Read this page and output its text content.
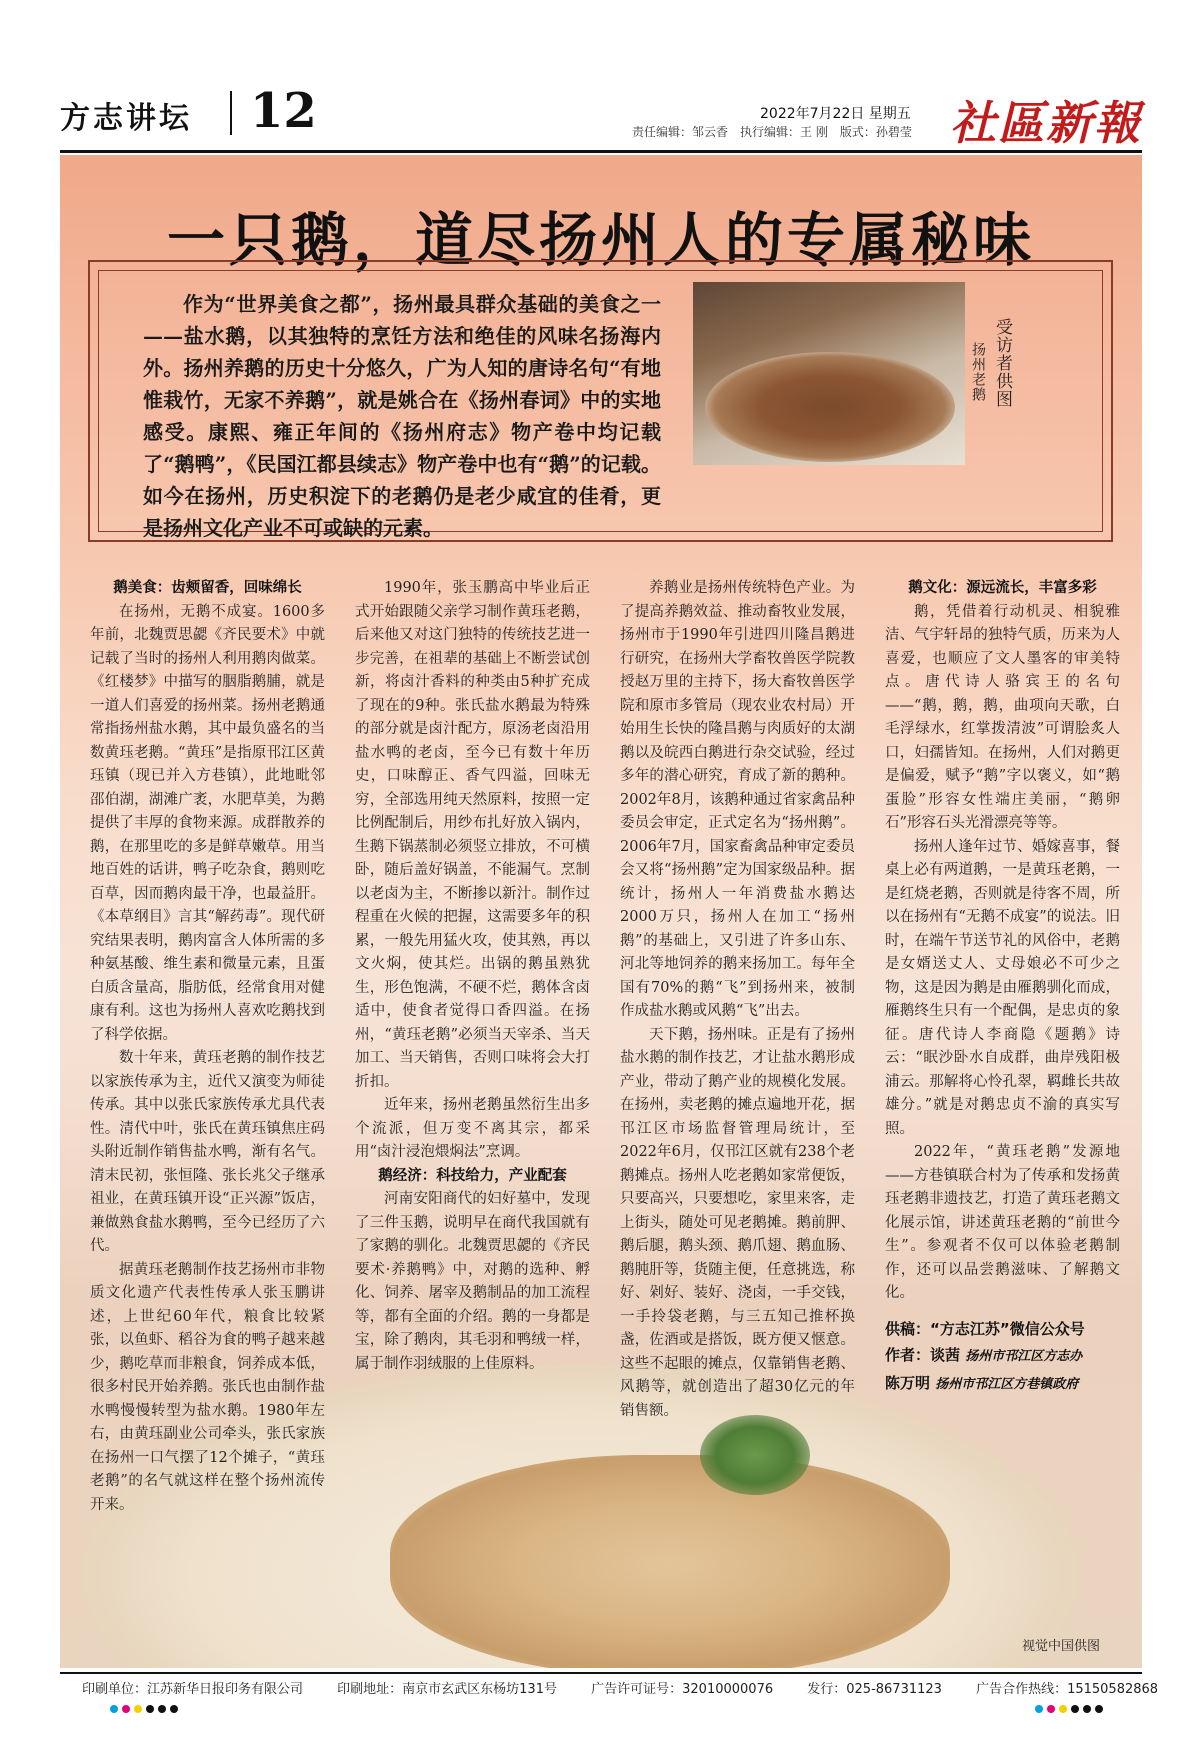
方志讲坛 12	2022年7月22日 星期五
责任编辑：邹云香　执行编辑：王 刚　版式：孙碧莹 社區新報
一只鹅，道尽扬州人的专属秘味
作为“世界美食之都”，扬州最具群众基础的美食之一——盐水鹅，以其独特的烹饪方法和绝佳的风味名扬海内外。扬州养鹅的历史十分悠久，广为人知的唐诗名句“有地惟栽竹，无家不养鹅”，就是姚合在《扬州春词》中的实地感受。康熙、雍正年间的《扬州府志》物产卷中均记载了“鹅鸭”，《民国江都县续志》物产卷中也有“鹅”的记载。如今在扬州，历史积淀下的老鹅仍是老少咸宜的佳肴，更是扬州文化产业不可或缺的元素。
受访者供图
扬州老鹅

鹅美食：齿颊留香，回味绵长

在扬州，无鹅不成宴。1600多年前，北魏贾思勰《齐民要术》中就记载了当时的扬州人利用鹅肉做菜。《红楼梦》中描写的胭脂鹅脯，就是一道人们喜爱的扬州菜。扬州老鹅通常指扬州盐水鹅，其中最负盛名的当数黄珏老鹅。“黄珏”是指原邗江区黄珏镇（现已并入方巷镇），此地毗邻邵伯湖，湖滩广袤，水肥草美，为鹅提供了丰厚的食物来源。成群散养的鹅，在那里吃的多是鲜草嫩草。用当地百姓的话讲，鸭子吃杂食，鹅则吃百草，因而鹅肉最干净，也最益肝。《本草纲目》言其“解药毒”。现代研究结果表明，鹅肉富含人体所需的多种氨基酸、维生素和微量元素，且蛋白质含量高，脂肪低，经常食用对健康有利。这也为扬州人喜欢吃鹅找到了科学依据。

数十年来，黄珏老鹅的制作技艺以家族传承为主，近代又演变为师徒传承。其中以张氏家族传承尤具代表性。清代中叶，张氏在黄珏镇焦庄码头附近制作销售盐水鸭，渐有名气。清末民初，张恒隆、张长兆父子继承祖业，在黄珏镇开设“正兴源”饭店，兼做熟食盐水鹅鸭，至今已经历了六代。

据黄珏老鹅制作技艺扬州市非物质文化遗产代表性传承人张玉鹏讲述，上世纪60年代，粮食比较紧张，以鱼虾、稻谷为食的鸭子越来越少，鹅吃草而非粮食，饲养成本低，很多村民开始养鹅。张氏也由制作盐水鸭慢慢转型为盐水鹅。1980年左右，由黄珏副业公司牵头，张氏家族在扬州一口气摆了12个摊子，“黄珏老鹅”的名气就这样在整个扬州流传开来。

1990年，张玉鹏高中毕业后正式开始跟随父亲学习制作黄珏老鹅，后来他又对这门独特的传统技艺进一步完善，在祖辈的基础上不断尝试创新，将卤汁香料的种类由5种扩充成了现在的9种。张氏盐水鹅最为特殊的部分就是卤汁配方，原汤老卤沿用盐水鸭的老卤，至今已有数十年历史，口味醇正、香气四溢，回味无穷，全部选用纯天然原料，按照一定比例配制后，用纱布扎好放入锅内，生鹅下锅蒸制必须竖立排放，不可横卧，随后盖好锅盖，不能漏气。烹制以老卤为主，不断掺以新汁。制作过程重在火候的把握，这需要多年的积累，一般先用猛火攻，使其熟，再以文火焖，使其烂。出锅的鹅虽熟犹生，形色饱满，不硬不烂，鹅体含卤适中，使食者觉得口香四溢。在扬州，“黄珏老鹅”必须当天宰杀、当天加工、当天销售，否则口味将会大打折扣。

近年来，扬州老鹅虽然衍生出多个流派，但万变不离其宗，都采用“卤汁浸泡煨焖法”烹调。

鹅经济：科技给力，产业配套

河南安阳商代的妇好墓中，发现了三件玉鹅，说明早在商代我国就有了家鹅的驯化。北魏贾思勰的《齐民要术·养鹅鸭》中，对鹅的选种、孵化、饲养、屠宰及鹅制品的加工流程等，都有全面的介绍。鹅的一身都是宝，除了鹅肉，其毛羽和鸭绒一样，属于制作羽绒服的上佳原料。

养鹅业是扬州传统特色产业。为了提高养鹅效益、推动畜牧业发展，扬州市于1990年引进四川隆昌鹅进行研究，在扬州大学畜牧兽医学院教授赵万里的主持下，扬大畜牧兽医学院和原市多管局（现农业农村局）开始用生长快的隆昌鹅与肉质好的太湖鹅以及皖西白鹅进行杂交试验，经过多年的潜心研究，育成了新的鹅种。2002年8月，该鹅种通过省家禽品种委员会审定，正式定名为“扬州鹅”。2006年7月，国家畜禽品种审定委员会又将“扬州鹅”定为国家级品种。据统计，扬州人一年消费盐水鹅达2000万只，扬州人在加工“扬州鹅”的基础上，又引进了许多山东、河北等地饲养的鹅来扬加工。每年全国有70%的鹅“飞”到扬州来，被制作成盐水鹅或风鹅“飞”出去。

天下鹅，扬州味。正是有了扬州盐水鹅的制作技艺，才让盐水鹅形成产业，带动了鹅产业的规模化发展。在扬州，卖老鹅的摊点遍地开花，据邗江区市场监督管理局统计，至2022年6月，仅邗江区就有238个老鹅摊点。扬州人吃老鹅如家常便饭，只要高兴，只要想吃，家里来客，走上街头，随处可见老鹅摊。鹅前胛、鹅后腿，鹅头颈、鹅爪翅、鹅血肠、鹅肫肝等，货随主便，任意挑选，称好、剁好、装好、浇卤，一手交钱，一手拎袋老鹅，与三五知己推杯换盏，佐酒或是搭饭，既方便又惬意。这些不起眼的摊点，仅靠销售老鹅、风鹅等，就创造出了超30亿元的年销售额。

鹅文化：源远流长，丰富多彩

鹅，凭借着行动机灵、相貌雅洁、气宇轩昂的独特气质，历来为人喜爱，也顺应了文人墨客的审美特点。唐代诗人骆宾王的名句——“鹅，鹅，鹅，曲项向天歌，白毛浮绿水，红掌拨清波”可谓脍炙人口，妇孺皆知。在扬州，人们对鹅更是偏爱，赋予“鹅”字以褒义，如“鹅蛋脸”形容女性端庄美丽，“鹅卵石”形容石头光滑漂亮等等。

扬州人逢年过节、婚嫁喜事，餐桌上必有两道鹅，一是黄珏老鹅，一是红烧老鹅，否则就是待客不周，所以在扬州有“无鹅不成宴”的说法。旧时，在端午节送节礼的风俗中，老鹅是女婿送丈人、丈母娘必不可少之物，这是因为鹅是由雁鹅驯化而成，雁鹅终生只有一个配偶，是忠贞的象征。唐代诗人李商隐《题鹅》诗云：“眠沙卧水自成群，曲岸残阳极浦云。那解将心怜孔翠，羁雌长共故雄分。”就是对鹅忠贞不渝的真实写照。

2022年，“黄珏老鹅”发源地——方巷镇联合村为了传承和发扬黄珏老鹅非遗技艺，打造了黄珏老鹅文化展示馆，讲述黄珏老鹅的“前世今生”。参观者不仅可以体验老鹅制作，还可以品尝鹅滋味、了解鹅文化。

供稿：“方志江苏”微信公众号
作者：谈茜 扬州市邗江区方志办
陈万明 扬州市邗江区方巷镇政府
视觉中国供图
印刷单位：江苏新华日报印务有限公司	印刷地址：南京市玄武区东杨坊131号	广告许可证号：32010000076	发行：025-86731123	广告合作热线：15150582868
